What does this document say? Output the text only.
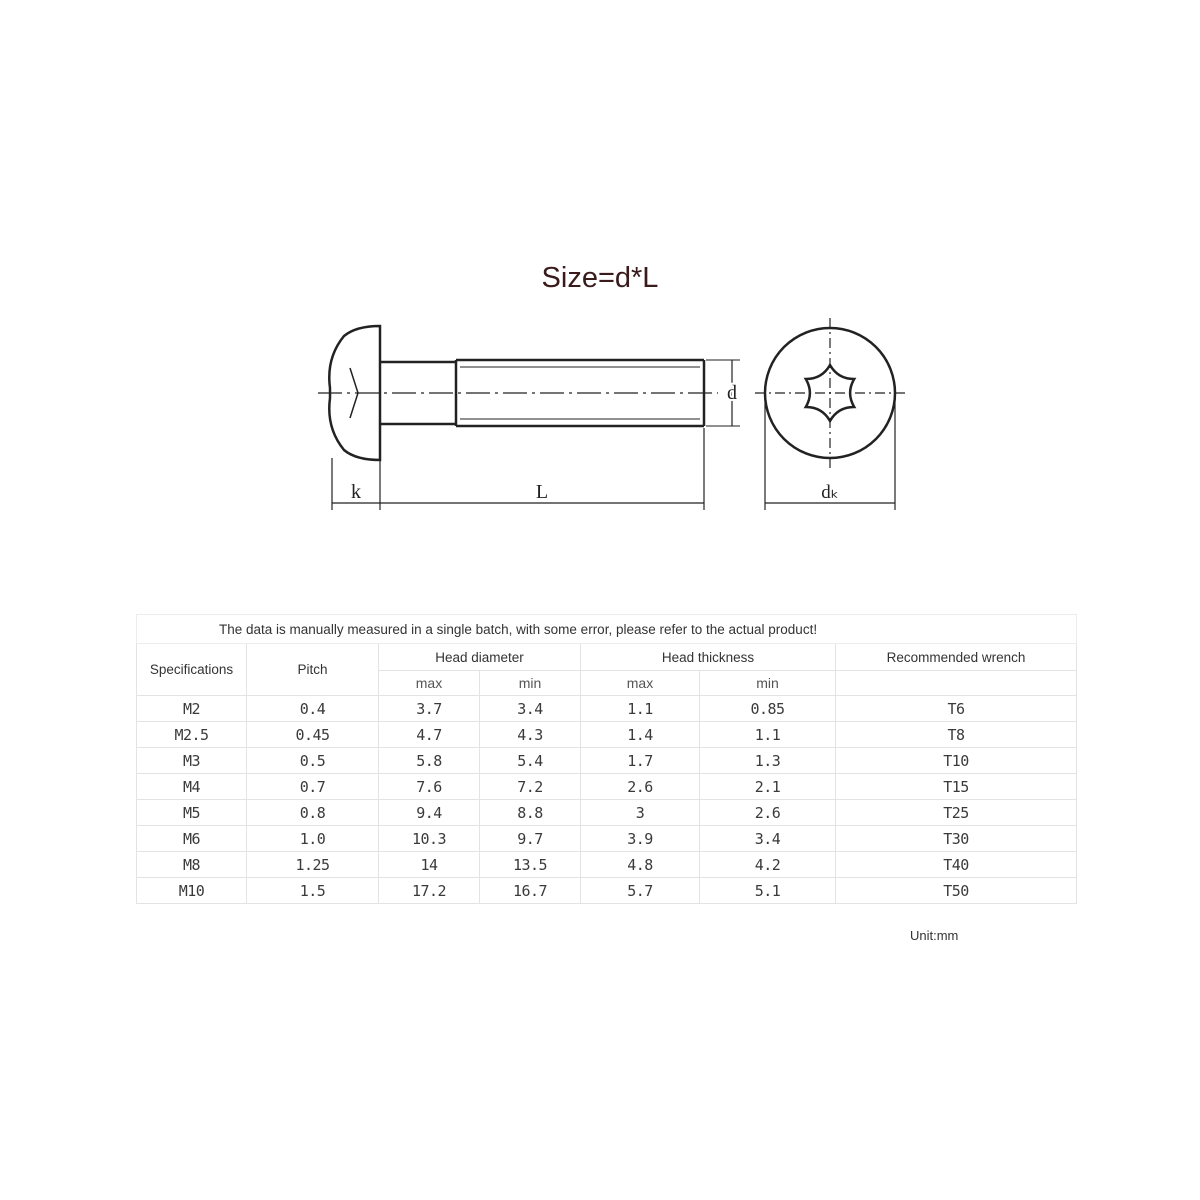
Size=d*L
k	L
d
dₖ
The data is manually measured in a single batch, with some error, please refer to the actual product!						
Specifications	Pitch	Head diameter		Head thickness		Recommended wrench
		max	min	max	min	
M2	0.4	3.7	3.4	1.1	0.85	T6
M2.5	0.45	4.7	4.3	1.4	1.1	T8
M3	0.5	5.8	5.4	1.7	1.3	T10
M4	0.7	7.6	7.2	2.6	2.1	T15
M5	0.8	9.4	8.8	3	2.6	T25
M6	1.0	10.3	9.7	3.9	3.4	T30
M8	1.25	14	13.5	4.8	4.2	T40
M10	1.5	17.2	16.7	5.7	5.1	T50
Unit:mm
